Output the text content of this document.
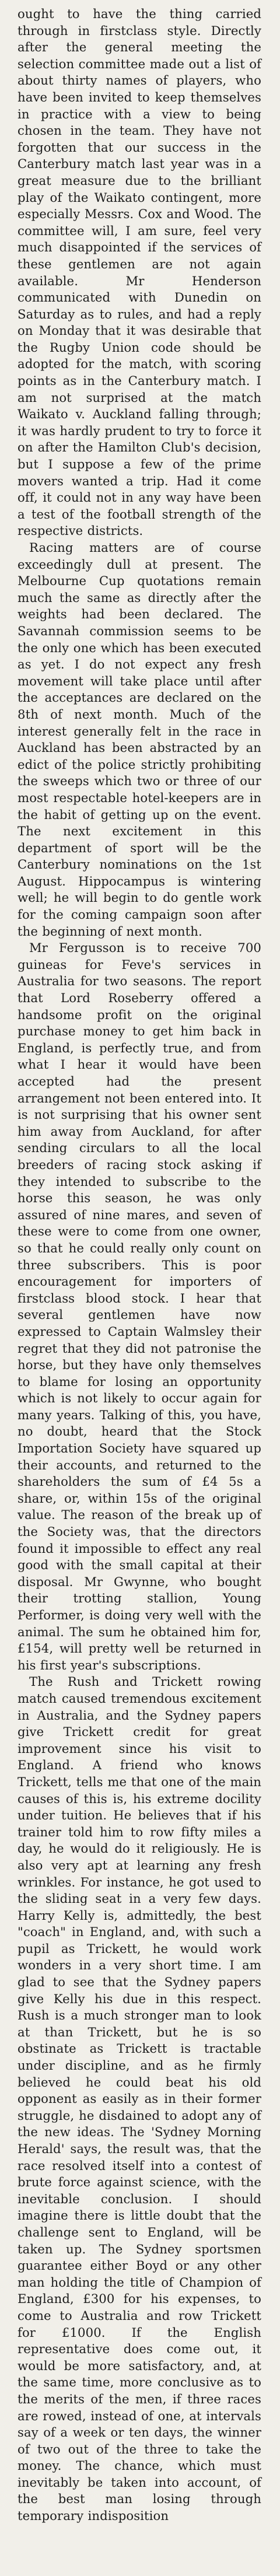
ought to have the thing carried through in firstclass style. Directly after the general meeting the selection committee made out a list of about thirty names of players, who have been invited to keep themselves in practice with a view to being chosen in the team. They have not forgotten that our success in the Canterbury match last year was in a great measure due to the brilliant play of the Waikato contingent, more especially Messrs. Cox and Wood. The committee will, I am sure, feel very much disappointed if the services of these gentlemen are not again available. Mr Henderson communicated with Dunedin on Saturday as to rules, and had a reply on Monday that it was desirable that the Rugby Union code should be adopted for the match, with scoring points as in the Canterbury match. I am not surprised at the match Waikato v. Auckland falling through; it was hardly prudent to try to force it on after the Hamilton Club's decision, but I suppose a few of the prime movers wanted a trip. Had it come off, it could not in any way have been a test of the football strength of the respective districts.

Racing matters are of course exceedingly dull at present. The Melbourne Cup quotations remain much the same as directly after the weights had been declared. The Savannah commission seems to be the only one which has been executed as yet. I do not expect any fresh movement will take place until after the acceptances are declared on the 8th of next month. Much of the interest generally felt in the race in Auckland has been abstracted by an edict of the police strictly prohibiting the sweeps which two or three of our most respectable hotel-keepers are in the habit of getting up on the event. The next excitement in this department of sport will be the Canterbury nominations on the 1st August. Hippocampus is wintering well; he will begin to do gentle work for the coming campaign soon after the beginning of next month.

Mr Fergusson is to receive 700 guineas for Feve's services in Australia for two seasons. The report that Lord Roseberry offered a handsome profit on the original purchase money to get him back in England, is perfectly true, and from what I hear it would have been accepted had the present arrangement not been entered into. It is not surprising that his owner sent him away from Auckland, for after sending circulars to all the local breeders of racing stock asking if they intended to subscribe to the horse this season, he was only assured of nine mares, and seven of these were to come from one owner, so that he could really only count on three subscribers. This is poor encouragement for importers of firstclass blood stock. I hear that several gentlemen have now expressed to Captain Walmsley their regret that they did not patronise the horse, but they have only themselves to blame for losing an opportunity which is not likely to occur again for many years. Talking of this, you have, no doubt, heard that the Stock Importation Society have squared up their accounts, and returned to the shareholders the sum of £4 5s a share, or, within 15s of the original value. The reason of the break up of the Society was, that the directors found it impossible to effect any real good with the small capital at their disposal. Mr Gwynne, who bought their trotting stallion, Young Performer, is doing very well with the animal. The sum he obtained him for, £154, will pretty well be returned in his first year's subscriptions.

The Rush and Trickett rowing match caused tremendous excitement in Australia, and the Sydney papers give Trickett credit for great improvement since his visit to England. A friend who knows Trickett, tells me that one of the main causes of this is, his extreme docility under tuition. He believes that if his trainer told him to row fifty miles a day, he would do it religiously. He is also very apt at learning any fresh wrinkles. For instance, he got used to the sliding seat in a very few days. Harry Kelly is, admittedly, the best "coach" in England, and, with such a pupil as Trickett, he would work wonders in a very short time. I am glad to see that the Sydney papers give Kelly his due in this respect. Rush is a much stronger man to look at than Trickett, but he is so obstinate as Trickett is tractable under discipline, and as he firmly believed he could beat his old opponent as easily as in their former struggle, he disdained to adopt any of the new ideas. The 'Sydney Morning Herald' says, the result was, that the race resolved itself into a contest of brute force against science, with the inevitable conclusion. I should imagine there is little doubt that the challenge sent to England, will be taken up. The Sydney sportsmen guarantee either Boyd or any other man holding the title of Champion of England, £300 for his expenses, to come to Australia and row Trickett for £1000. If the English representative does come out, it would be more satisfactory, and, at the same time, more conclusive as to the merits of the men, if three races are rowed, instead of one, at intervals say of a week or ten days, the winner of two out of the three to take the money. The chance, which must inevitably be taken into account, of the best man losing through temporary indisposition
